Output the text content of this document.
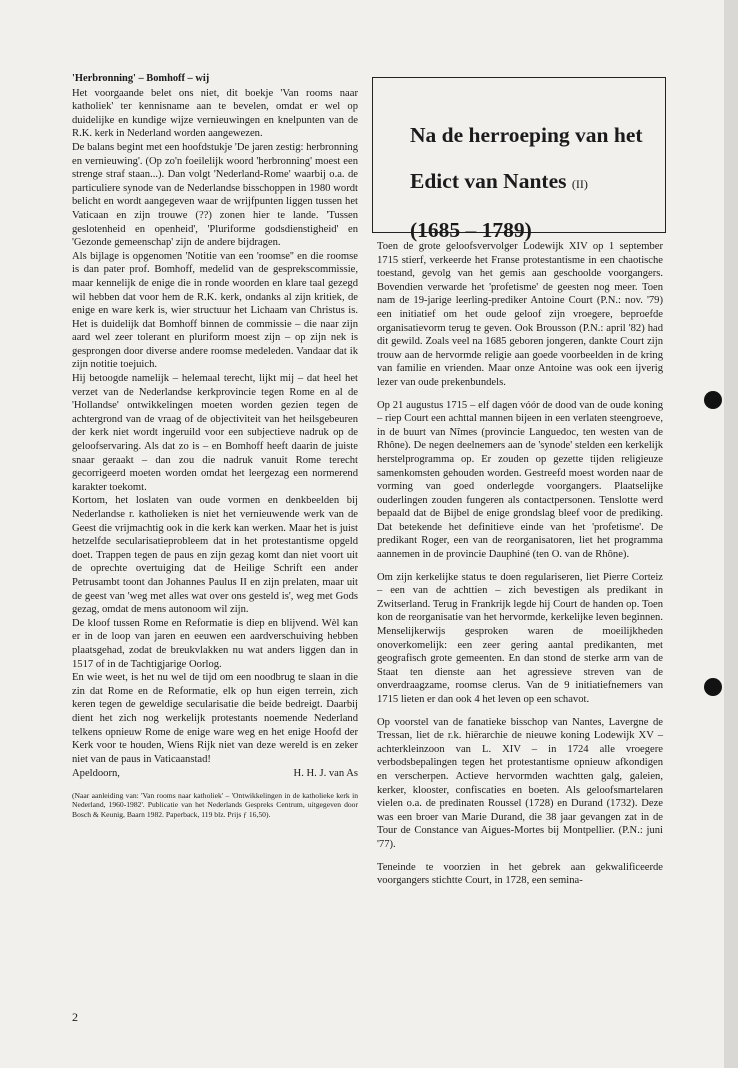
'Herbronning' – Bomhoff – wij

Het voorgaande belet ons niet, dit boekje 'Van rooms naar katholiek' ter kennisname aan te bevelen, omdat er wel op duidelijke en kundige wijze vernieuwingen en knelpunten van de R.K. kerk in Nederland worden aangewezen.

De balans begint met een hoofdstukje 'De jaren zestig: herbronning en vernieuwing'. (Op zo'n foeilelijk woord 'herbronning' moest een strenge straf staan...). Dan volgt 'Nederland-Rome' waarbij o.a. de particuliere synode van de Nederlandse bisschoppen in 1980 wordt belicht en wordt aangegeven waar de wrijfpunten liggen tussen het Vaticaan en zijn trouwe (??) zonen hier te lande. 'Tussen geslotenheid en openheid', 'Pluriforme godsdienstigheid' en 'Gezonde gemeenschap' zijn de andere bijdragen.

Als bijlage is opgenomen 'Notitie van een 'roomse'' en die roomse is dan pater prof. Bomhoff, medelid van de gesprekscommissie, maar kennelijk de enige die in ronde woorden en klare taal gezegd wil hebben dat voor hem de R.K. kerk, ondanks al zijn kritiek, de enige en ware kerk is, wier structuur het Lichaam van Christus is. Het is duidelijk dat Bomhoff binnen de commissie – die naar zijn aard wel zeer tolerant en pluriform moest zijn – op zijn nek is gesprongen door diverse andere roomse medeleden. Vandaar dat ik zijn notitie toejuich.

Hij betoogde namelijk – helemaal terecht, lijkt mij – dat heel het verzet van de Nederlandse kerkprovincie tegen Rome en al de 'Hollandse' ontwikkelingen moeten worden gezien tegen de achtergrond van de vraag of de objectiviteit van het heilsgebeuren der kerk niet wordt ingeruild voor een subjectieve nadruk op de geloofservaring. Als dat zo is – en Bomhoff heeft daarin de juiste snaar geraakt – dan zou die nadruk vanuit Rome terecht gecorrigeerd moeten worden omdat het leergezag een normerend karakter toekomt.

Kortom, het loslaten van oude vormen en denkbeelden bij Nederlandse r. katholieken is niet het vernieuwende werk van de Geest die vrijmachtig ook in die kerk kan werken. Maar het is juist hetzelfde secularisatieprobleem dat in het protestantisme opgeld doet. Trappen tegen de paus en zijn gezag komt dan niet voort uit de oprechte overtuiging dat de Heilige Schrift een ander Petrusambt toont dan Johannes Paulus II en zijn prelaten, maar uit de geest van 'weg met alles wat over ons gesteld is', weg met Gods gezag, omdat de mens autonoom wil zijn.

De kloof tussen Rome en Reformatie is diep en blijvend. Wèl kan er in de loop van jaren en eeuwen een aardverschuiving hebben plaatsgehad, zodat de breukvlakken nu wat anders liggen dan in 1517 of in de Tachtigjarige Oorlog.

En wie weet, is het nu wel de tijd om een noodbrug te slaan in die zin dat Rome en de Reformatie, elk op hun eigen terrein, zich keren tegen de geweldige secularisatie die beide bedreigt. Daarbij dient het zich nog werkelijk protestants noemende Nederland telkens opnieuw Rome de enige ware weg en het enige Hoofd der Kerk voor te houden, Wiens Rijk niet van deze wereld is en zeker niet van de paus in Vaticaanstad!

Apeldoorn,	H. H. J. van As

(Naar aanleiding van: 'Van rooms naar katholiek' – 'Ontwikkelingen in de katholieke kerk in Nederland, 1960-1982'. Publicatie van het Nederlands Gespreks Centrum, uitgegeven door Bosch & Keunig, Baarn 1982. Paperback, 119 blz. Prijs ƒ 16,50).

Na de herroeping van het
Edict van Nantes (II)
(1685 – 1789)

Toen de grote geloofsvervolger Lodewijk XIV op 1 september 1715 stierf, verkeerde het Franse protestantisme in een chaotische toestand, gevolg van het gemis aan geschoolde voorgangers. Bovendien verwarde het 'profetisme' de geesten nog meer. Toen nam de 19-jarige leerling-prediker Antoine Court (P.N.: nov. '79) een initiatief om het oude geloof zijn vroegere, beproefde organisatievorm terug te geven. Ook Brousson (P.N.: april '82) had dit gewild. Zoals veel na 1685 geboren jongeren, dankte Court zijn trouw aan de hervormde religie aan goede voorbeelden in de kring van familie en vrienden. Maar onze Antoine was ook een ijverig lezer van oude prekenbundels.

Op 21 augustus 1715 – elf dagen vóór de dood van de oude koning – riep Court een achttal mannen bijeen in een verlaten steengroeve, in de buurt van Nîmes (provincie Languedoc, ten westen van de Rhône). De negen deelnemers aan de 'synode' stelden een kerkelijk herstelprogramma op. Er zouden op gezette tijden religieuze samenkomsten gehouden worden. Gestreefd moest worden naar de vorming van goed onderlegde voorgangers. Plaatselijke ouderlingen zouden fungeren als contactpersonen. Tenslotte werd bepaald dat de Bijbel de enige grondslag bleef voor de prediking. Dat betekende het definitieve einde van het 'profetisme'. De predikant Roger, een van de reorganisatoren, liet het programma aannemen in de provincie Dauphiné (ten O. van de Rhône).

Om zijn kerkelijke status te doen regulariseren, liet Pierre Corteiz – een van de achttien – zich bevestigen als predikant in Zwitserland. Terug in Frankrijk legde hij Court de handen op. Toen kon de reorganisatie van het hervormde, kerkelijke leven beginnen. Menselijkerwijs gesproken waren de moeilijkheden onoverkomelijk: een zeer gering aantal predikanten, met geografisch grote gemeenten. En dan stond de sterke arm van de Staat ten dienste aan het agressieve streven van de onverdraagzame, roomse clerus. Van de 9 initiatiefnemers van 1715 lieten er dan ook 4 het leven op een schavot.

Op voorstel van de fanatieke bisschop van Nantes, Lavergne de Tressan, liet de r.k. hiërarchie de nieuwe koning Lodewijk XV – achterkleinzoon van L. XIV – in 1724 alle vroegere verbodsbepalingen tegen het protestantisme opnieuw afkondigen en verscherpen. Actieve hervormden wachtten galg, galeien, kerker, klooster, confiscaties en boeten. Als geloofsmartelaren vielen o.a. de predinaten Roussel (1728) en Durand (1732). Deze was een broer van Marie Durand, die 38 jaar gevangen zat in de Tour de Constance van Aigues-Mortes bij Montpellier. (P.N.: juni '77).

Teneinde te voorzien in het gebrek aan gekwalificeerde voorgangers stichtte Court, in 1728, een semina-

2
